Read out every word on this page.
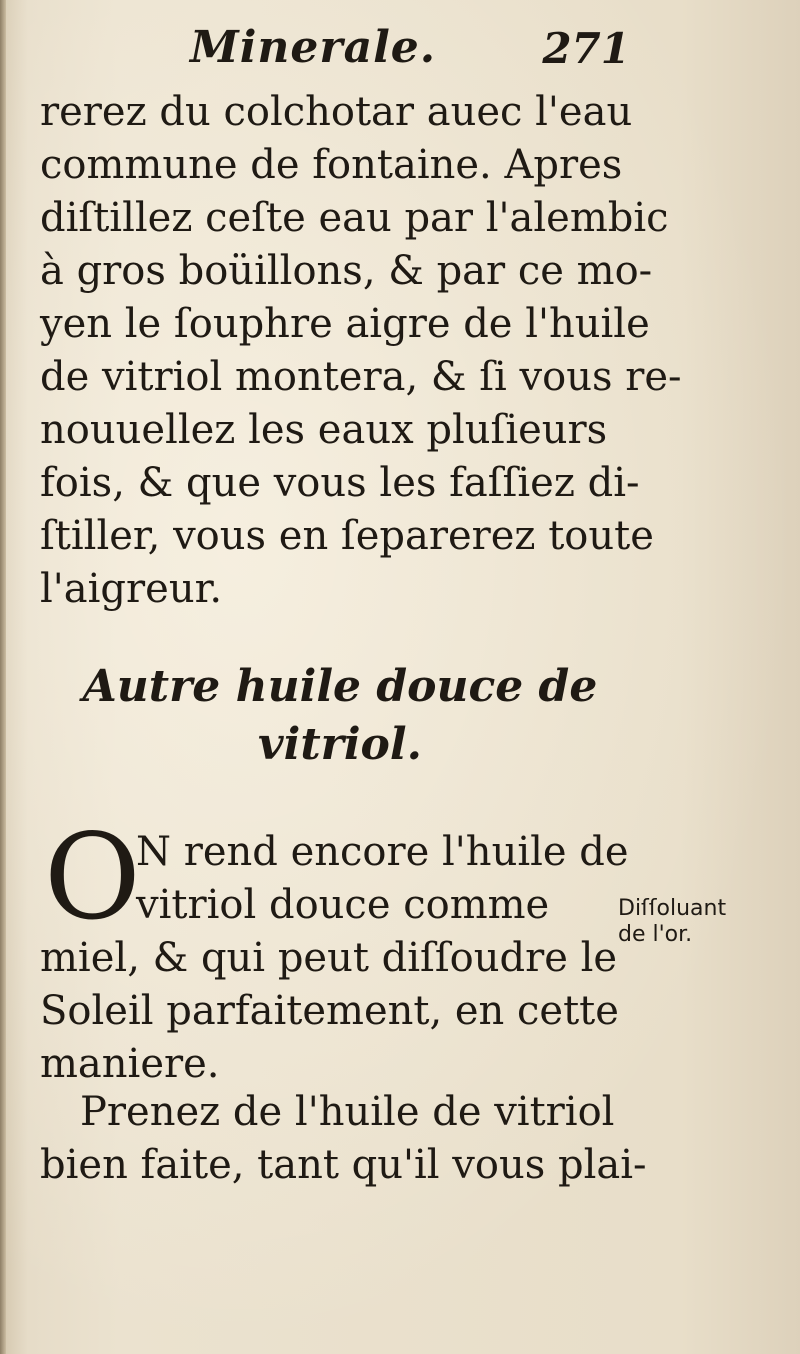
Minerale.	271
rerez du colchotar auec l'eau
commune de fontaine. Apres
diſtillez ceſte eau par l'alembic
à gros boüillons, & par ce mo-
yen le ſouphre aigre de l'huile
de vitriol montera, & ſi vous re-
nouuellez les eaux pluſieurs
fois, & que vous les faſſiez di-
ſtiller, vous en ſeparerez toute
l'aigreur.
Autre huile douce de
vitriol.
O
N rend encore l'huile de
vitriol douce comme
miel, & qui peut diſſoudre le
Soleil parfaitement, en cette
maniere.
Diſſoluant
de l'or.
Prenez de l'huile de vitriol
bien faite, tant qu'il vous plai-
